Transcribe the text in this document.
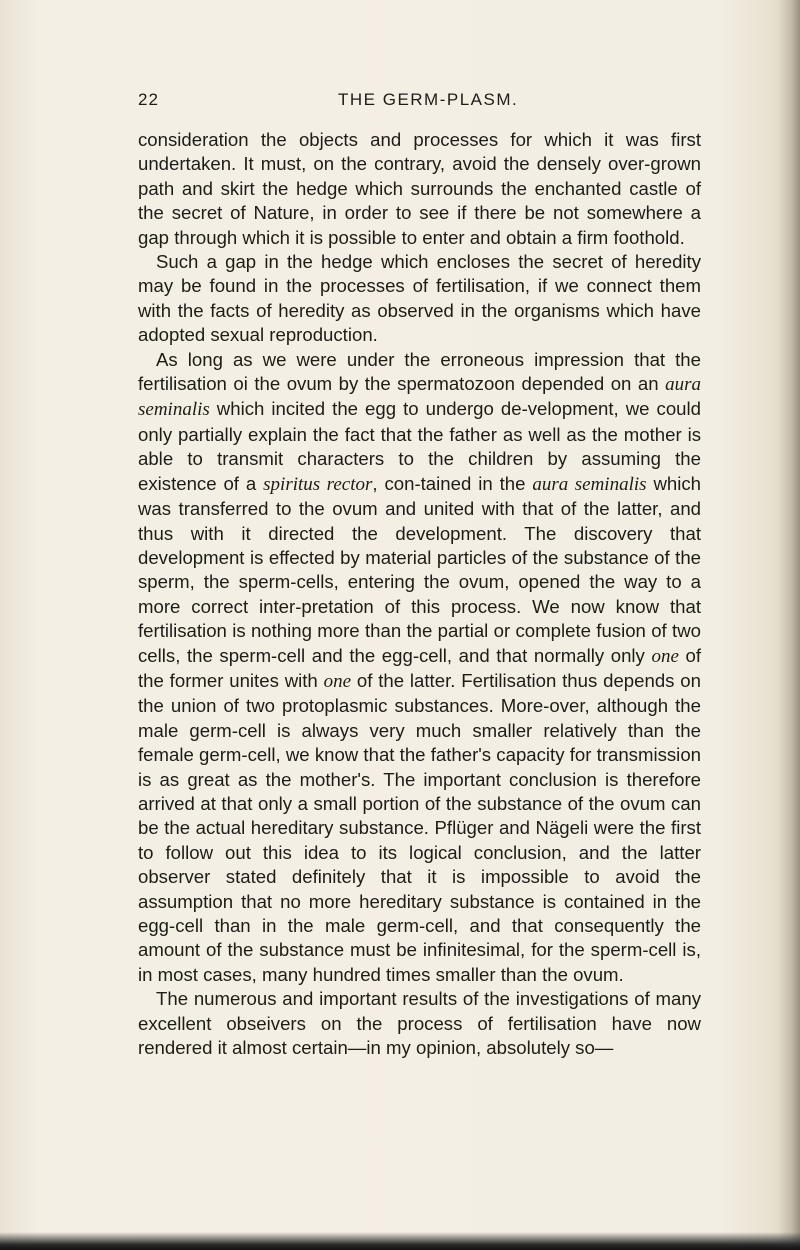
22	THE GERM-PLASM.

consideration the objects and processes for which it was first undertaken. It must, on the contrary, avoid the densely over-grown path and skirt the hedge which surrounds the enchanted castle of the secret of Nature, in order to see if there be not somewhere a gap through which it is possible to enter and obtain a firm foothold.

Such a gap in the hedge which encloses the secret of heredity may be found in the processes of fertilisation, if we connect them with the facts of heredity as observed in the organisms which have adopted sexual reproduction.

As long as we were under the erroneous impression that the fertilisation oi the ovum by the spermatozoon depended on an aura seminalis which incited the egg to undergo de-velopment, we could only partially explain the fact that the father as well as the mother is able to transmit characters to the children by assuming the existence of a spiritus rector, con-tained in the aura seminalis which was transferred to the ovum and united with that of the latter, and thus with it directed the development. The discovery that development is effected by material particles of the substance of the sperm, the sperm-cells, entering the ovum, opened the way to a more correct inter-pretation of this process. We now know that fertilisation is nothing more than the partial or complete fusion of two cells, the sperm-cell and the egg-cell, and that normally only one of the former unites with one of the latter. Fertilisation thus depends on the union of two protoplasmic substances. More-over, although the male germ-cell is always very much smaller relatively than the female germ-cell, we know that the father's capacity for transmission is as great as the mother's. The important conclusion is therefore arrived at that only a small portion of the substance of the ovum can be the actual hereditary substance. Pflüger and Nägeli were the first to follow out this idea to its logical conclusion, and the latter observer stated definitely that it is impossible to avoid the assumption that no more hereditary substance is contained in the egg-cell than in the male germ-cell, and that consequently the amount of the substance must be infinitesimal, for the sperm-cell is, in most cases, many hundred times smaller than the ovum.

The numerous and important results of the investigations of many excellent obseivers on the process of fertilisation have now rendered it almost certain—in my opinion, absolutely so—
